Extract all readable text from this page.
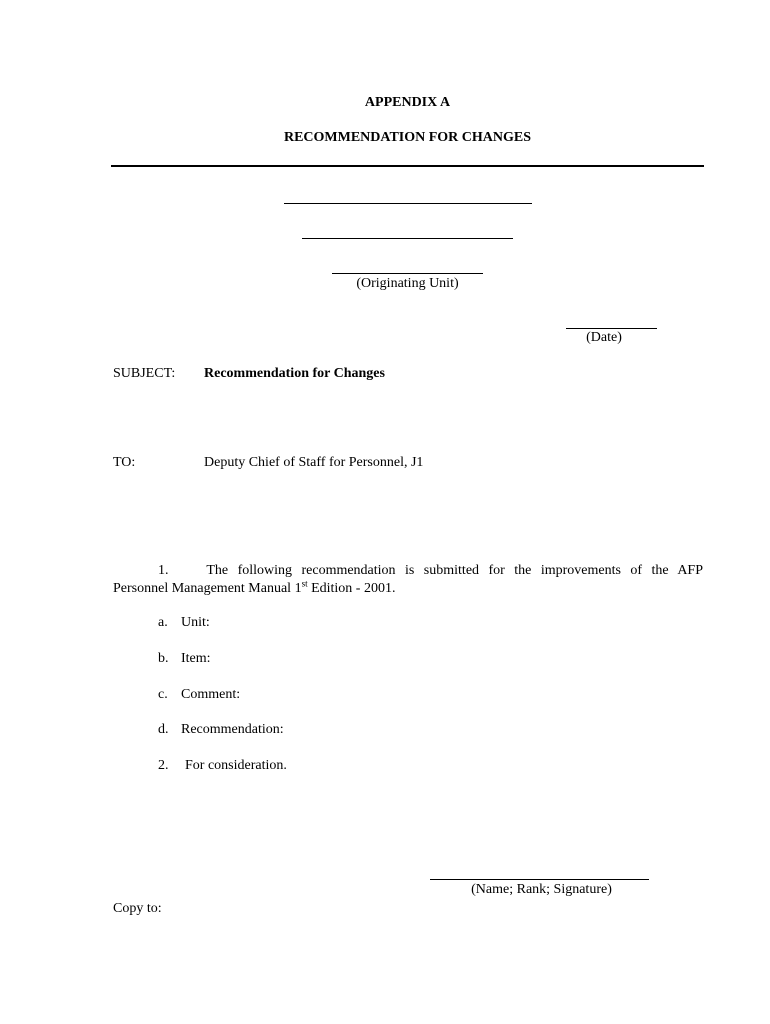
APPENDIX A
RECOMMENDATION FOR CHANGES
(Originating Unit)
(Date)
SUBJECT: Recommendation for Changes
TO:	Deputy Chief of Staff for Personnel, J1
1.	The following recommendation is submitted for the improvements of the AFP
Personnel Management Manual 1st Edition - 2001.
a. Unit:
b. Item:
c. Comment:
d. Recommendation:
2. For consideration.
(Name; Rank; Signature)
Copy to:
